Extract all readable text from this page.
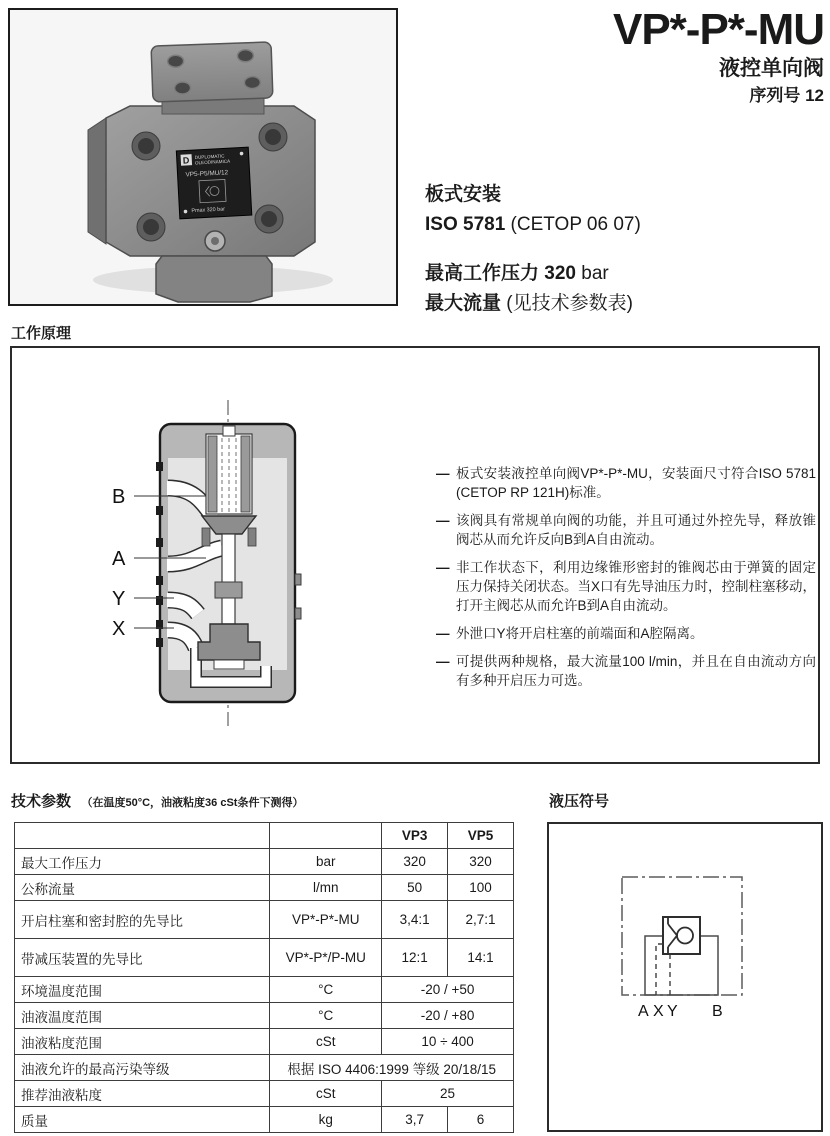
D DUPLOMATIC
OLEODINAMICA
VP5-P5/MU/12
Pmax 320 bar
VP*-P*-MU
液控单向阀
序列号 12
板式安装
ISO 5781 (CETOP 06 07)
最高工作压力 320 bar
最大流量 (见技术参数表)
工作原理
B
A
Y
X
— 板式安装液控单向阀VP*-P*-MU，安装面尺寸符合ISO 5781 (CETOP RP 121H)标准。
— 该阀具有常规单向阀的功能，并且可通过外控先导，释放锥阀芯从而允许反向B到A自由流动。
— 非工作状态下，利用边缘锥形密封的锥阀芯由于弹簧的固定压力保持关闭状态。当X口有先导油压力时，控制柱塞移动，打开主阀芯从而允许B到A自由流动。
— 外泄口Y将开启柱塞的前端面和A腔隔离。
— 可提供两种规格，最大流量100 l/min，并且在自由流动方向有多种开启压力可选。
技术参数 （在温度50°C，油液粘度36 cSt条件下测得）
		VP3	VP5
最大工作压力	bar	320	320
公称流量	l/mn	50	100
开启柱塞和密封腔的先导比	VP*-P*-MU	3,4:1	2,7:1
带减压装置的先导比	VP*-P*/P-MU	12:1	14:1
环境温度范围	°C	-20 / +50	
油液温度范围	°C	-20 / +80	
油液粘度范围	cSt	10 ÷ 400	
油液允许的最高污染等级	根据 ISO 4406:1999 等级 20/18/15		
推荐油液粘度	cSt	25	
质量	kg	3,7	6
液压符号
A X Y B
